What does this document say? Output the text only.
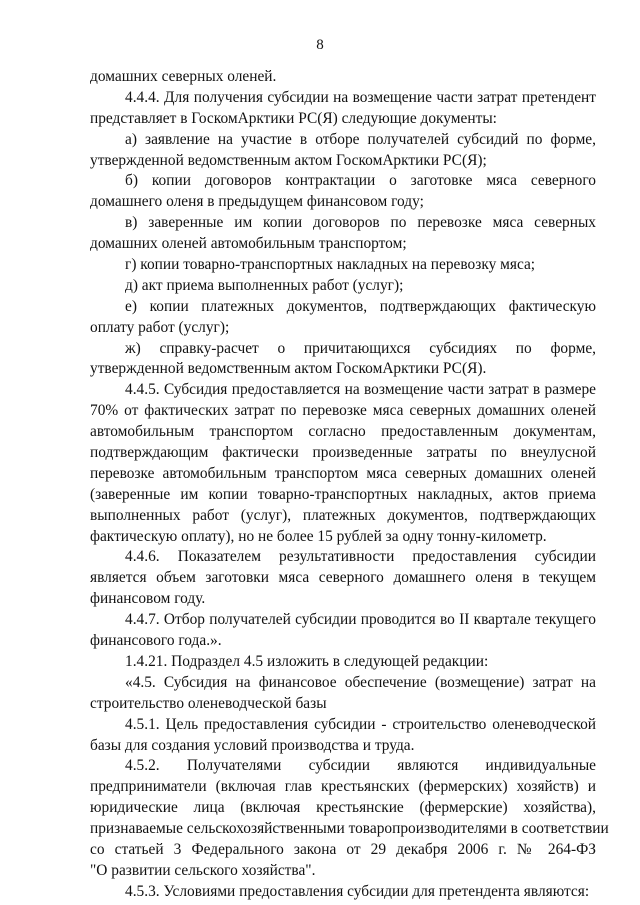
8
домашних северных оленей.
4.4.4. Для получения субсидии на возмещение части затрат претендент
представляет в ГоскомАрктики РС(Я) следующие документы:
а) заявление на участие в отборе получателей субсидий по форме,
утвержденной ведомственным актом ГоскомАрктики РС(Я);
б) копии договоров контрактации о заготовке мяса северного
домашнего оленя в предыдущем финансовом году;
в) заверенные им копии договоров по перевозке мяса северных
домашних оленей автомобильным транспортом;
г) копии товарно-транспортных накладных на перевозку мяса;
д) акт приема выполненных работ (услуг);
е) копии платежных документов, подтверждающих фактическую
оплату работ (услуг);
ж) справку-расчет о причитающихся субсидиях по форме,
утвержденной ведомственным актом ГоскомАрктики РС(Я).
4.4.5. Субсидия предоставляется на возмещение части затрат в размере
70% от фактических затрат по перевозке мяса северных домашних оленей
автомобильным транспортом согласно предоставленным документам,
подтверждающим фактически произведенные затраты по внеулусной
перевозке автомобильным транспортом мяса северных домашних оленей
(заверенные им копии товарно-транспортных накладных, актов приема
выполненных работ (услуг), платежных документов, подтверждающих
фактическую оплату), но не более 15 рублей за одну тонну-километр.
4.4.6. Показателем результативности предоставления субсидии
является объем заготовки мяса северного домашнего оленя в текущем
финансовом году.
4.4.7. Отбор получателей субсидии проводится во II квартале текущего
финансового года.».
1.4.21. Подраздел 4.5 изложить в следующей редакции:
«4.5. Субсидия на финансовое обеспечение (возмещение) затрат на
строительство оленеводческой базы
4.5.1. Цель предоставления субсидии - строительство оленеводческой
базы для создания условий производства и труда.
4.5.2. Получателями субсидии являются индивидуальные
предприниматели (включая глав крестьянских (фермерских) хозяйств) и
юридические лица (включая крестьянские (фермерские) хозяйства),
признаваемые сельскохозяйственными товаропроизводителями в соответствии
со статьей 3 Федерального закона от 29 декабря 2006 г. № 264-ФЗ
"О развитии сельского хозяйства".
4.5.3. Условиями предоставления субсидии для претендента являются:
